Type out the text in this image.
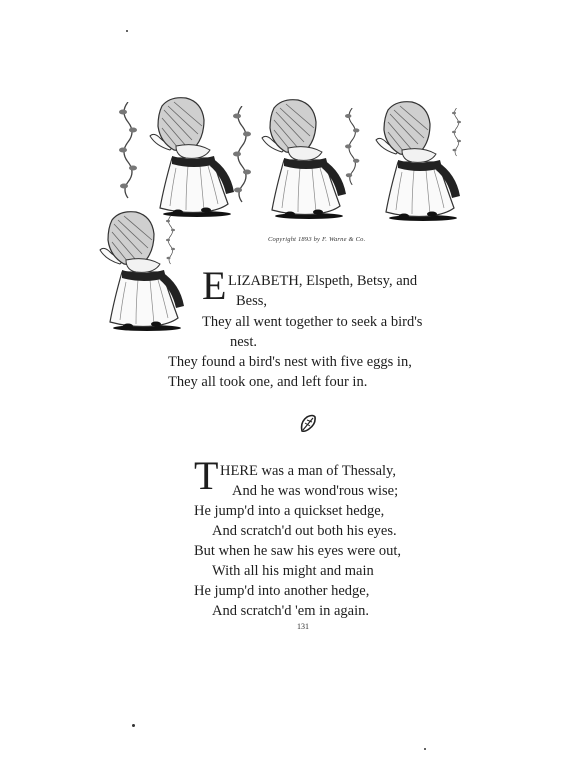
Copyright 1893 by F. Warne & Co.
E LIZABETH, Elspeth, Betsy, and
Bess,
They all went together to seek a bird's
nest.
They found a bird's nest with five eggs in,
They all took one, and left four in.
T HERE was a man of Thessaly,
And he was wond'rous wise;
He jump'd into a quickset hedge,
And scratch'd out both his eyes.
But when he saw his eyes were out,
With all his might and main
He jump'd into another hedge,
And scratch'd 'em in again.
131
